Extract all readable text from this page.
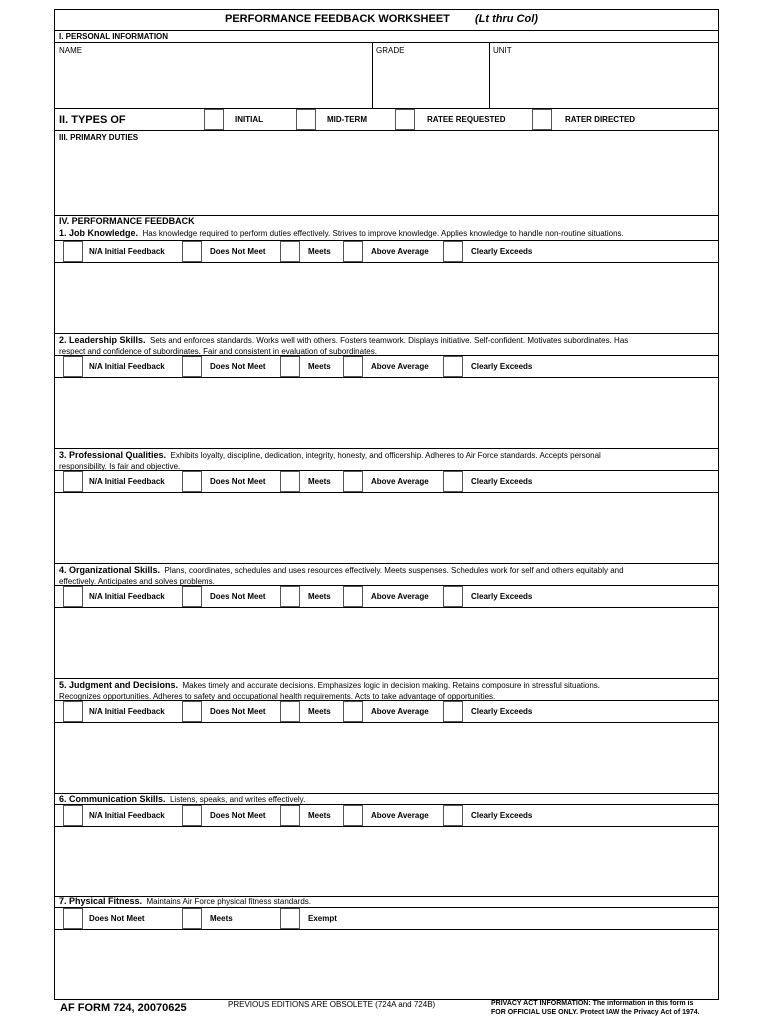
PERFORMANCE FEEDBACK WORKSHEET (Lt thru Col)
I. PERSONAL INFORMATION
NAME	GRADE	UNIT
II. TYPES OF	INITIAL	MID-TERM	RATEE REQUESTED	RATER DIRECTED
III. PRIMARY DUTIES
IV. PERFORMANCE FEEDBACK
1. Job Knowledge. Has knowledge required to perform duties effectively. Strives to improve knowledge. Applies knowledge to handle non-routine situations.
N/A Initial Feedback	Does Not Meet	Meets	Above Average	Clearly Exceeds
2. Leadership Skills. Sets and enforces standards. Works well with others. Fosters teamwork. Displays initiative. Self-confident. Motivates subordinates. Has
respect and confidence of subordinates. Fair and consistent in evaluation of subordinates.
N/A Initial Feedback	Does Not Meet	Meets	Above Average	Clearly Exceeds
3. Professional Qualities. Exhibits loyalty, discipline, dedication, integrity, honesty, and officership. Adheres to Air Force standards. Accepts personal
responsibility. Is fair and objective.
N/A Initial Feedback	Does Not Meet	Meets	Above Average	Clearly Exceeds
4. Organizational Skills. Plans, coordinates, schedules and uses resources effectively. Meets suspenses. Schedules work for self and others equitably and
effectively. Anticipates and solves problems.
N/A Initial Feedback	Does Not Meet	Meets	Above Average	Clearly Exceeds
5. Judgment and Decisions. Makes timely and accurate decisions. Emphasizes logic in decision making. Retains composure in stressful situations.
Recognizes opportunities. Adheres to safety and occupational health requirements. Acts to take advantage of opportunities.
N/A Initial Feedback	Does Not Meet	Meets	Above Average	Clearly Exceeds
6. Communication Skills. Listens, speaks, and writes effectively.
N/A Initial Feedback	Does Not Meet	Meets	Above Average	Clearly Exceeds
7. Physical Fitness. Maintains Air Force physical fitness standards.
Does Not Meet	Meets	Exempt
AF FORM 724, 20070625	PREVIOUS EDITIONS ARE OBSOLETE (724A and 724B)	PRIVACY ACT INFORMATION: The information in this form is
FOR OFFICIAL USE ONLY. Protect IAW the Privacy Act of 1974.
